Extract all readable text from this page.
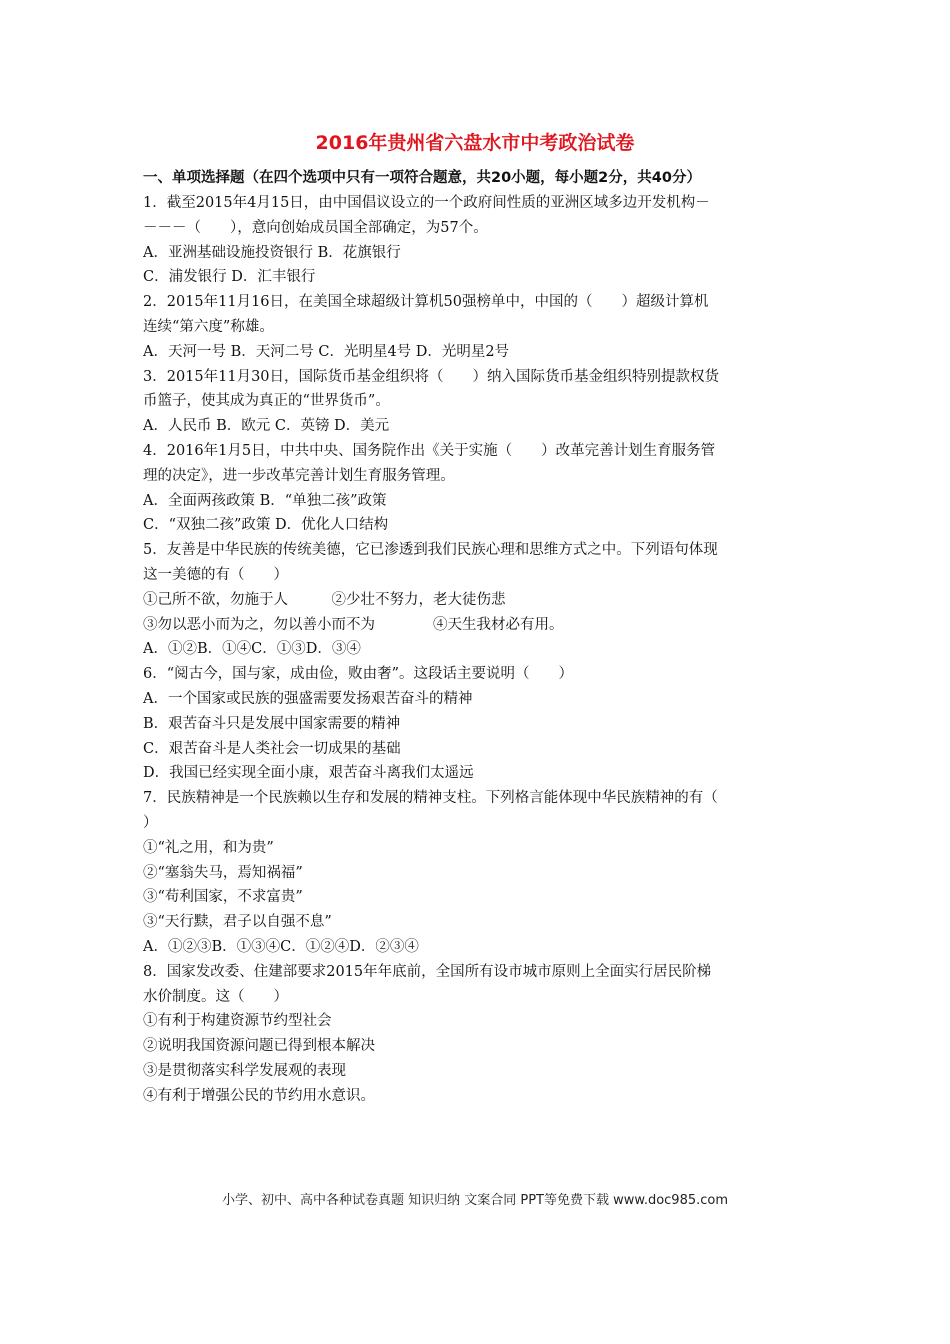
2016年贵州省六盘水市中考政治试卷
一、单项选择题（在四个选项中只有一项符合题意，共20小题，每小题2分，共40分）
1．截至2015年4月15日，由中国倡议设立的一个政府间性质的亚洲区域多边开发机构－
－－－（　　），意向创始成员国全部确定，为57个。
A．亚洲基础设施投资银行 B．花旗银行
C．浦发银行 D．汇丰银行
2．2015年11月16日，在美国全球超级计算机50强榜单中，中国的（　　）超级计算机
连续“第六度”称雄。
A．天河一号 B．天河二号 C．光明星4号 D．光明星2号
3．2015年11月30日，国际货币基金组织将（　　）纳入国际货币基金组织特别提款权货
币篮子，使其成为真正的“世界货币”。
A．人民币 B．欧元 C．英镑 D．美元
4．2016年1月5日，中共中央、国务院作出《关于实施（　　）改革完善计划生育服务管
理的决定》，进一步改革完善计划生育服务管理。
A．全面两孩政策 B．“单独二孩”政策
C．“双独二孩”政策 D．优化人口结构
5．友善是中华民族的传统美德，它已渗透到我们民族心理和思维方式之中。下列语句体现
这一美德的有（　　）
①己所不欲，勿施于人　　　②少壮不努力，老大徒伤悲
③勿以恶小而为之，勿以善小而不为　　　　④天生我材必有用。
A．①②B．①④C．①③D．③④
6．“阅古今，国与家，成由俭，败由奢”。这段话主要说明（　　）
A．一个国家或民族的强盛需要发扬艰苦奋斗的精神
B．艰苦奋斗只是发展中国家需要的精神
C．艰苦奋斗是人类社会一切成果的基础
D．我国已经实现全面小康，艰苦奋斗离我们太遥远
7．民族精神是一个民族赖以生存和发展的精神支柱。下列格言能体现中华民族精神的有（
）
①“礼之用，和为贵”
②“塞翁失马，焉知祸福”
③“苟利国家，不求富贵”
③“天行黩，君子以自强不息”
A．①②③B．①③④C．①②④D．②③④
8．国家发改委、住建部要求2015年年底前，全国所有设市城市原则上全面实行居民阶梯
水价制度。这（　　）
①有利于构建资源节约型社会
②说明我国资源问题已得到根本解决
③是贯彻落实科学发展观的表现
④有利于增强公民的节约用水意识。
小学、初中、高中各种试卷真题 知识归纳 文案合同 PPT等免费下载 www.doc985.com
